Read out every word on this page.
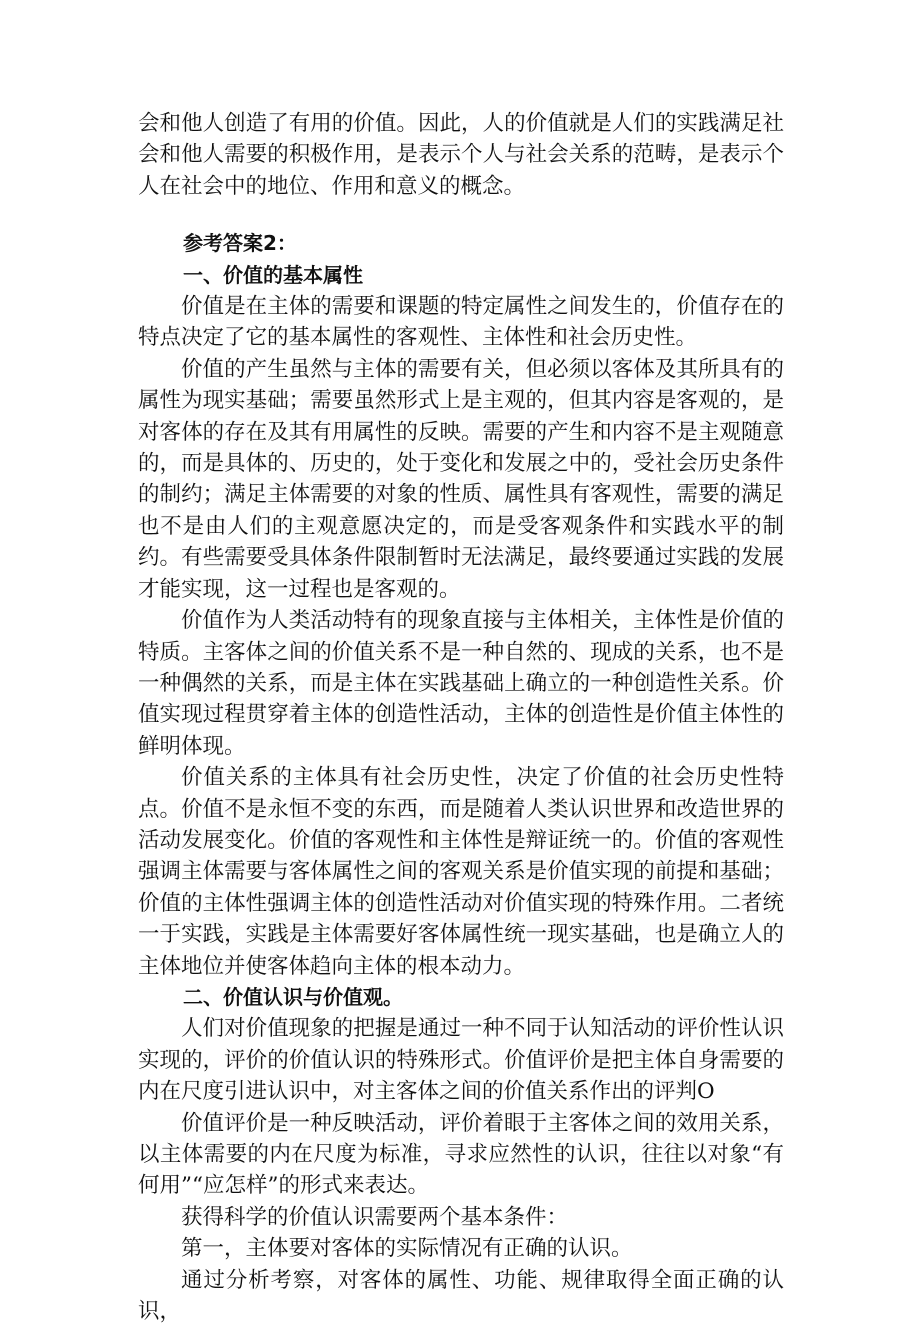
会和他人创造了有用的价值。因此，人的价值就是人们的实践满足社会和他人需要的积极作用，是表示个人与社会关系的范畴，是表示个人在社会中的地位、作用和意义的概念。

参考答案2：

一、价值的基本属性

价值是在主体的需要和课题的特定属性之间发生的，价值存在的特点决定了它的基本属性的客观性、主体性和社会历史性。

价值的产生虽然与主体的需要有关，但必须以客体及其所具有的属性为现实基础；需要虽然形式上是主观的，但其内容是客观的，是对客体的存在及其有用属性的反映。需要的产生和内容不是主观随意的，而是具体的、历史的，处于变化和发展之中的，受社会历史条件的制约；满足主体需要的对象的性质、属性具有客观性，需要的满足也不是由人们的主观意愿决定的，而是受客观条件和实践水平的制约。有些需要受具体条件限制暂时无法满足，最终要通过实践的发展才能实现，这一过程也是客观的。

价值作为人类活动特有的现象直接与主体相关，主体性是价值的特质。主客体之间的价值关系不是一种自然的、现成的关系，也不是一种偶然的关系，而是主体在实践基础上确立的一种创造性关系。价值实现过程贯穿着主体的创造性活动，主体的创造性是价值主体性的鲜明体现。

价值关系的主体具有社会历史性，决定了价值的社会历史性特点。价值不是永恒不变的东西，而是随着人类认识世界和改造世界的活动发展变化。价值的客观性和主体性是辩证统一的。价值的客观性强调主体需要与客体属性之间的客观关系是价值实现的前提和基础；价值的主体性强调主体的创造性活动对价值实现的特殊作用。二者统一于实践，实践是主体需要好客体属性统一现实基础，也是确立人的主体地位并使客体趋向主体的根本动力。

二、价值认识与价值观。

人们对价值现象的把握是通过一种不同于认知活动的评价性认识实现的，评价的价值认识的特殊形式。价值评价是把主体自身需要的内在尺度引进认识中，对主客体之间的价值关系作出的评判O

价值评价是一种反映活动，评价着眼于主客体之间的效用关系，以主体需要的内在尺度为标准，寻求应然性的认识，往往以对象“有何用”“应怎样”的形式来表达。

获得科学的价值认识需要两个基本条件：

第一，主体要对客体的实际情况有正确的认识。

通过分析考察，对客体的属性、功能、规律取得全面正确的认识，
